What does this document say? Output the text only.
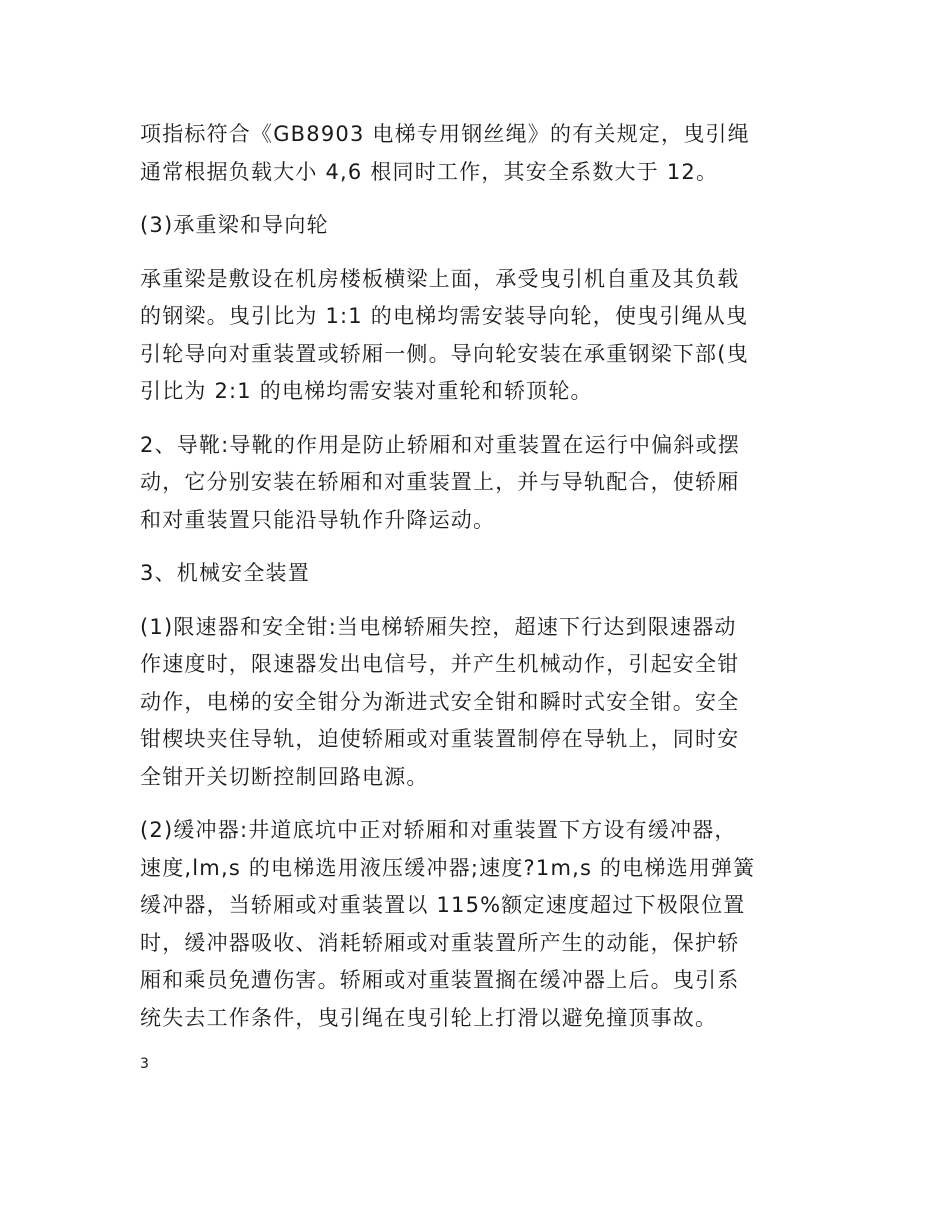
项指标符合《GB8903 电梯专用钢丝绳》的有关规定，曳引绳
通常根据负载大小 4,6 根同时工作，其安全系数大于 12。

(3)承重梁和导向轮

承重梁是敷设在机房楼板横梁上面，承受曳引机自重及其负载
的钢梁。曳引比为 1:1 的电梯均需安装导向轮，使曳引绳从曳
引轮导向对重装置或轿厢一侧。导向轮安装在承重钢梁下部(曳
引比为 2:1 的电梯均需安装对重轮和轿顶轮。

2、导靴:导靴的作用是防止轿厢和对重装置在运行中偏斜或摆
动，它分别安装在轿厢和对重装置上，并与导轨配合，使轿厢
和对重装置只能沿导轨作升降运动。

3、机械安全装置

(1)限速器和安全钳:当电梯轿厢失控，超速下行达到限速器动
作速度时，限速器发出电信号，并产生机械动作，引起安全钳
动作，电梯的安全钳分为渐进式安全钳和瞬时式安全钳。安全
钳楔块夹住导轨，迫使轿厢或对重装置制停在导轨上，同时安
全钳开关切断控制回路电源。

(2)缓冲器:井道底坑中正对轿厢和对重装置下方设有缓冲器，
速度,lm,s 的电梯选用液压缓冲器;速度?1m,s 的电梯选用弹簧
缓冲器，当轿厢或对重装置以 115%额定速度超过下极限位置
时，缓冲器吸收、消耗轿厢或对重装置所产生的动能，保护轿
厢和乘员免遭伤害。轿厢或对重装置搁在缓冲器上后。曳引系
统失去工作条件，曳引绳在曳引轮上打滑以避免撞顶事故。

3
